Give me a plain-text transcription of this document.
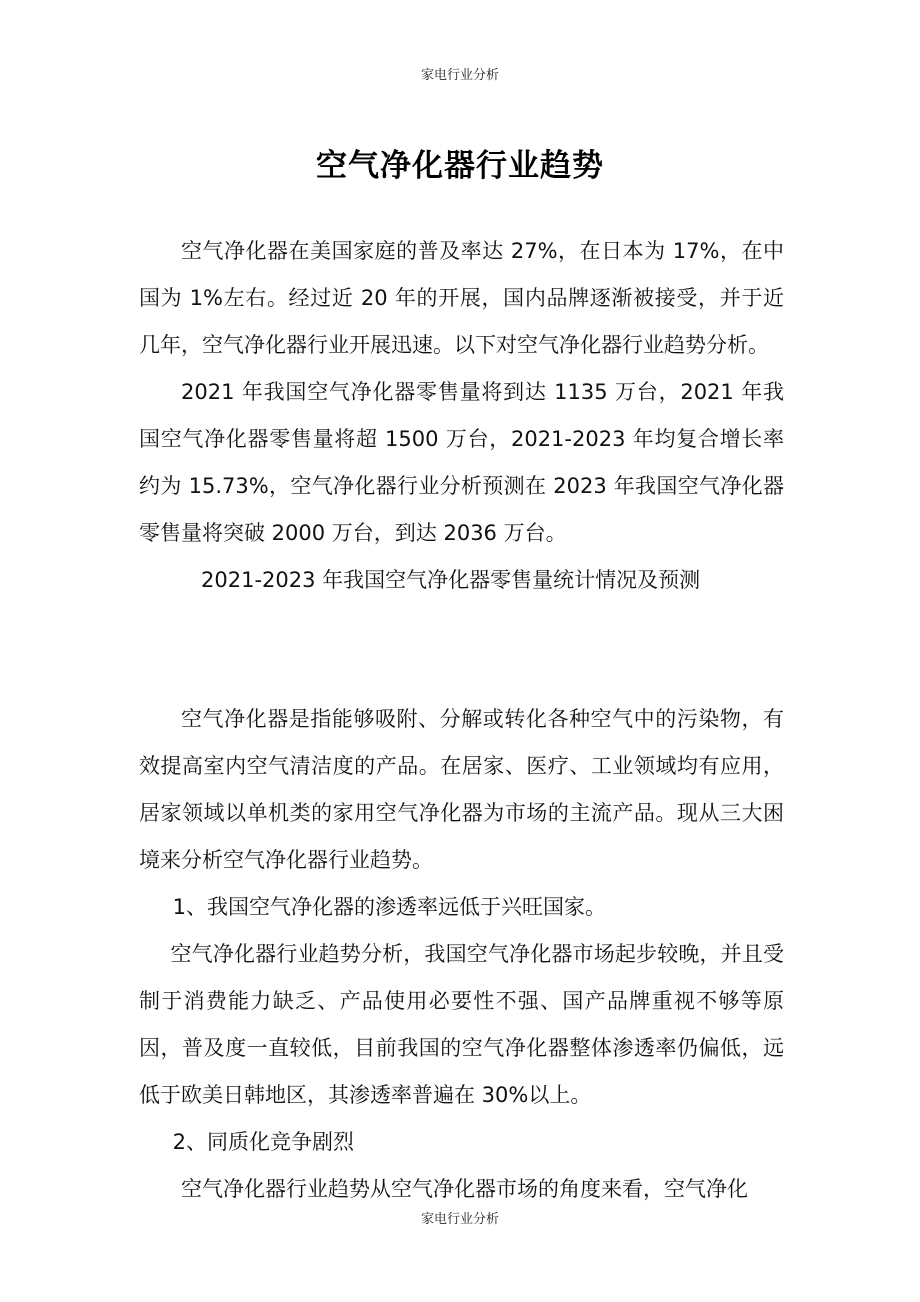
家电行业分析
空气净化器行业趋势

空气净化器在美国家庭的普及率达 27%，在日本为 17%，在中国为 1%左右。经过近 20 年的开展，国内品牌逐渐被接受，并于近几年，空气净化器行业开展迅速。以下对空气净化器行业趋势分析。

2021 年我国空气净化器零售量将到达 1135 万台，2021 年我国空气净化器零售量将超 1500 万台，2021-2023 年均复合增长率约为 15.73%，空气净化器行业分析预测在 2023 年我国空气净化器零售量将突破 2000 万台，到达 2036 万台。

2021-2023 年我国空气净化器零售量统计情况及预测

空气净化器是指能够吸附、分解或转化各种空气中的污染物，有效提高室内空气清洁度的产品。在居家、医疗、工业领域均有应用，居家领域以单机类的家用空气净化器为市场的主流产品。现从三大困境来分析空气净化器行业趋势。

1、我国空气净化器的渗透率远低于兴旺国家。

空气净化器行业趋势分析，我国空气净化器市场起步较晚，并且受制于消费能力缺乏、产品使用必要性不强、国产品牌重视不够等原因，普及度一直较低，目前我国的空气净化器整体渗透率仍偏低，远低于欧美日韩地区，其渗透率普遍在 30%以上。

2、同质化竞争剧烈

空气净化器行业趋势从空气净化器市场的角度来看，空气净化

家电行业分析
